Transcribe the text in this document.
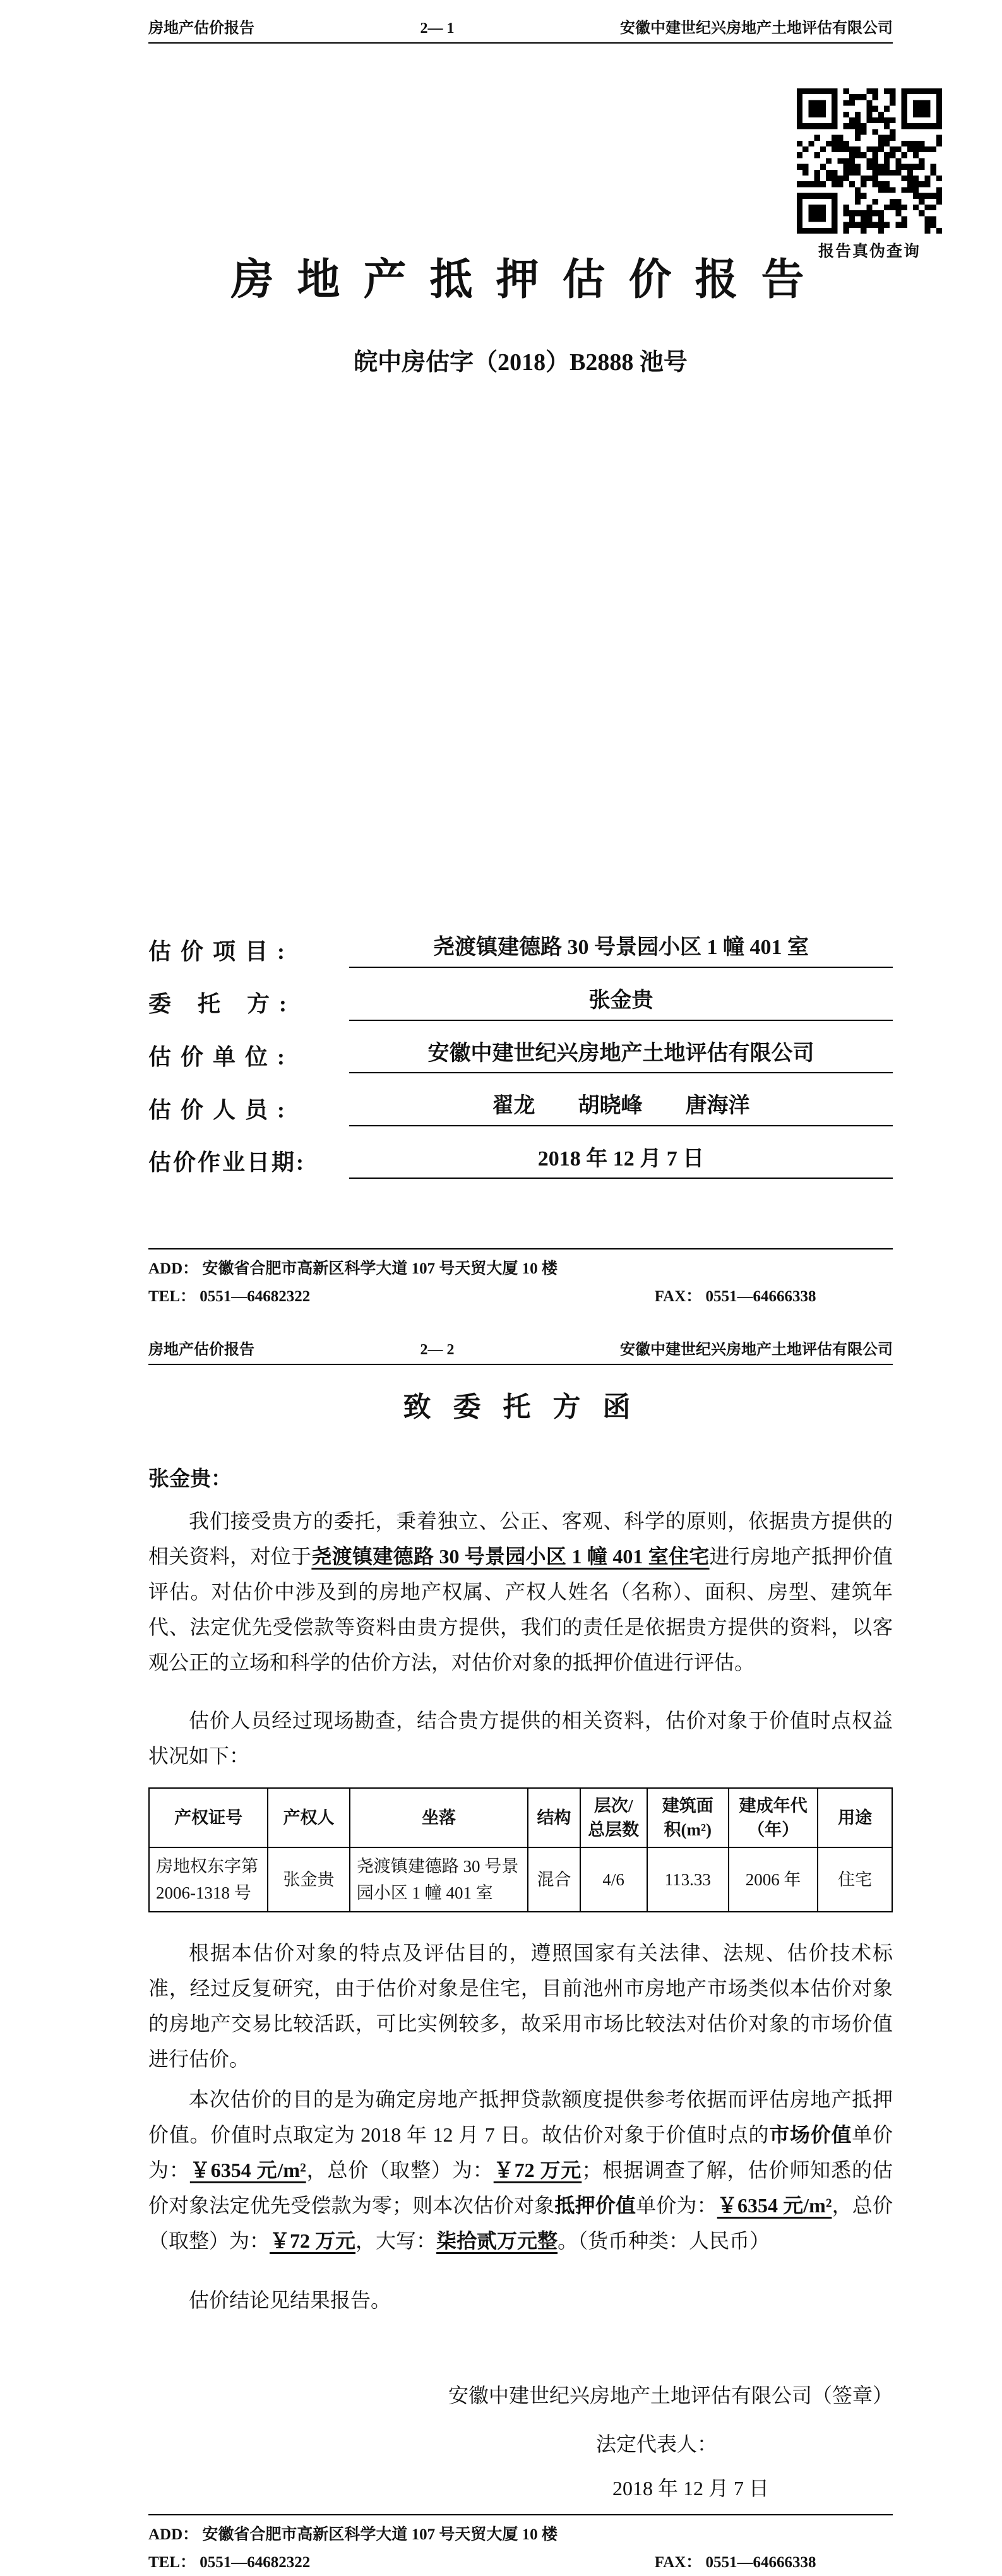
房地产估价报告	2— 1	安徽中建世纪兴房地产土地评估有限公司
报告真伪查询
房 地 产 抵 押 估 价 报 告
皖中房估字（2018）B2888 池号
估 价 项 目 :	尧渡镇建德路 30 号景园小区 1 幢 401 室
委　托　方 :	张金贵
估 价 单 位 :	安徽中建世纪兴房地产土地评估有限公司
估 价 人 员 :	翟龙　　胡晓峰　　唐海洋
估价作业日期:	2018 年 12 月 7 日
ADD： 安徽省合肥市高新区科学大道 107 号天贸大厦 10 楼
TEL： 0551—64682322	FAX： 0551—64666338
房地产估价报告	2— 2	安徽中建世纪兴房地产土地评估有限公司
致 委 托 方 函
张金贵：

我们接受贵方的委托，秉着独立、公正、客观、科学的原则，依据贵方提供的相关资料，对位于尧渡镇建德路 30 号景园小区 1 幢 401 室住宅进行房地产抵押价值评估。对估价中涉及到的房地产权属、产权人姓名（名称）、面积、房型、建筑年代、法定优先受偿款等资料由贵方提供，我们的责任是依据贵方提供的资料，以客观公正的立场和科学的估价方法，对估价对象的抵押价值进行评估。

估价人员经过现场勘查，结合贵方提供的相关资料，估价对象于价值时点权益状况如下：

产权证号	产权人	坐落	结构	层次/总层数	建筑面积(m²)	建成年代（年）	用途
房地权东字第2006-1318 号	张金贵	尧渡镇建德路 30 号景园小区 1 幢 401 室	混合	4/6	113.33	2006 年	住宅

根据本估价对象的特点及评估目的，遵照国家有关法律、法规、估价技术标准，经过反复研究，由于估价对象是住宅，目前池州市房地产市场类似本估价对象的房地产交易比较活跃，可比实例较多，故采用市场比较法对估价对象的市场价值进行估价。

本次估价的目的是为确定房地产抵押贷款额度提供参考依据而评估房地产抵押价值。价值时点取定为 2018 年 12 月 7 日。故估价对象于价值时点的市场价值单价为：￥6354 元/m²，总价（取整）为：￥72 万元；根据调查了解，估价师知悉的估价对象法定优先受偿款为零；则本次估价对象抵押价值单价为：￥6354 元/m²，总价（取整）为：￥72 万元，大写：柒拾贰万元整。（货币种类：人民币）

估价结论见结果报告。

安徽中建世纪兴房地产土地评估有限公司（签章）
法定代表人：
2018 年 12 月 7 日
ADD： 安徽省合肥市高新区科学大道 107 号天贸大厦 10 楼
TEL： 0551—64682322	FAX： 0551—64666338
